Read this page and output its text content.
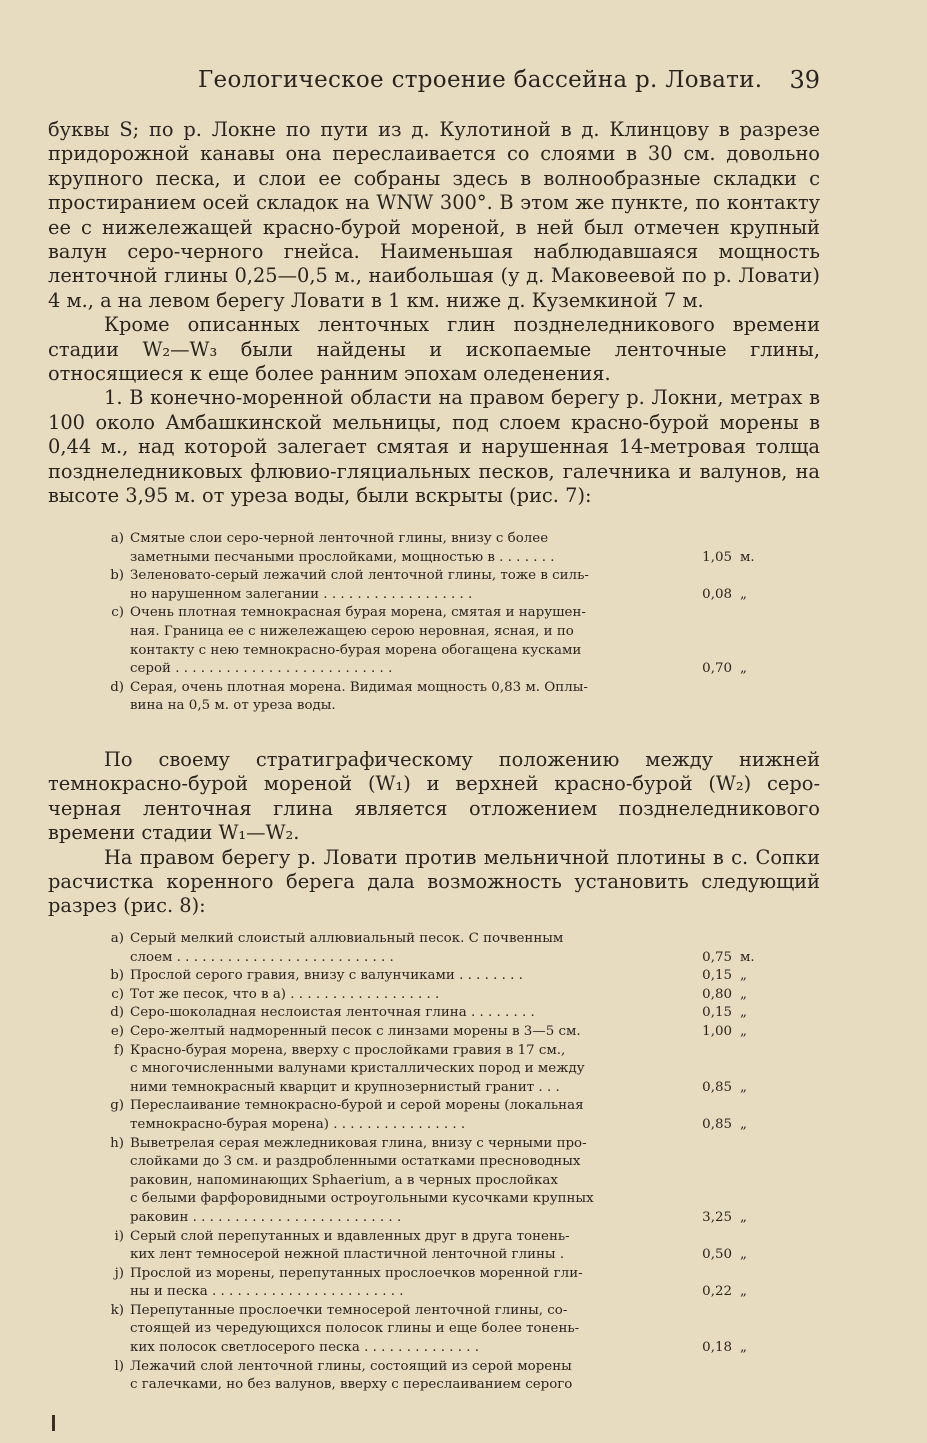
Геологическое строение бассейна р. Ловати. 39

буквы S; по р. Локне по пути из д. Кулотиной в д. Клинцову в разрезе придорожной канавы она переслаивается со слоями в 30 см. довольно крупного песка, и слои ее собраны здесь в волнообразные складки с простиранием осей складок на WNW 300°. В этом же пункте, по контакту ее с нижележащей красно-бурой мореной, в ней был отмечен крупный валун серо-черного гнейса. Наименьшая наблюдавшаяся мощность ленточной глины 0,25—0,5 м., наибольшая (у д. Маковеевой по р. Ловати) 4 м., а на левом берегу Ловати в 1 км. ниже д. Куземкиной 7 м.

Кроме описанных ленточных глин позднеледникового времени стадии W₂—W₃ были найдены и ископаемые ленточные глины, относящиеся к еще более ранним эпохам оледенения.

1. В конечно-моренной области на правом берегу р. Локни, метрах в 100 около Амбашкинской мельницы, под слоем красно-бурой морены в 0,44 м., над которой залегает смятая и нарушенная 14-метровая толща позднеледниковых флювио-гляциальных песков, галечника и валунов, на высоте 3,95 м. от уреза воды, были вскрыты (рис. 7):

a) Смятые слои серо-черной ленточной глины, внизу с более
заметными песчаными прослойками, мощностью в . . . . . . .	1,05 м.
b) Зеленовато-серый лежачий слой ленточной глины, тоже в силь-
но нарушенном залегании . . . . . . . . . . . . . . . . . .	0,08 „
c) Очень плотная темнокрасная бурая морена, смятая и нарушен-
ная. Граница ее с нижележащею серою неровная, ясная, и по
контакту с нею темнокрасно-бурая морена обогащена кусками
серой . . . . . . . . . . . . . . . . . . . . . . . . . .	0,70 „
d) Серая, очень плотная морена. Видимая мощность 0,83 м. Оплы-
вина на 0,5 м. от уреза воды.

По своему стратиграфическому положению между нижней темнокрасно-бурой мореной (W₁) и верхней красно-бурой (W₂) серо-черная ленточная глина является отложением позднеледникового времени стадии W₁—W₂.

На правом берегу р. Ловати против мельничной плотины в с. Сопки расчистка коренного берега дала возможность установить следующий разрез (рис. 8):

a) Серый мелкий слоистый аллювиальный песок. С почвенным
слоем . . . . . . . . . . . . . . . . . . . . . . . . . .	0,75 м.
b) Прослой серого гравия, внизу с валунчиками . . . . . . . .	0,15 „
c) Тот же песок, что в a) . . . . . . . . . . . . . . . . . .	0,80 „
d) Серо-шоколадная неслоистая ленточная глина . . . . . . . .	0,15 „
e) Серо-желтый надморенный песок с линзами морены в 3—5 см.	1,00 „
f) Красно-бурая морена, вверху с прослойками гравия в 17 см.,
с многочисленными валунами кристаллических пород и между
ними темнокрасный кварцит и крупнозернистый гранит . . .	0,85 „
g) Переслаивание темнокрасно-бурой и серой морены (локальная
темнокрасно-бурая морена) . . . . . . . . . . . . . . . .	0,85 „
h) Выветрелая серая межледниковая глина, внизу с черными про-
слойками до 3 см. и раздробленными остатками пресноводных
раковин, напоминающих Sphaerium, а в черных прослойках
с белыми фарфоровидными остроугольными кусочками крупных
раковин . . . . . . . . . . . . . . . . . . . . . . . . .	3,25 „
i) Серый слой перепутанных и вдавленных друг в друга тонень-
ких лент темносерой нежной пластичной ленточной глины .	0,50 „
j) Прослой из морены, перепутанных прослоечков моренной гли-
ны и песка . . . . . . . . . . . . . . . . . . . . . . .	0,22 „
k) Перепутанные прослоечки темносерой ленточной глины, со-
стоящей из чередующихся полосок глины и еще более тонень-
ких полосок светлосерого песка . . . . . . . . . . . . . .	0,18 „
l) Лежачий слой ленточной глины, состоящий из серой морены
с галечками, но без валунов, вверху с переслаиванием серого
